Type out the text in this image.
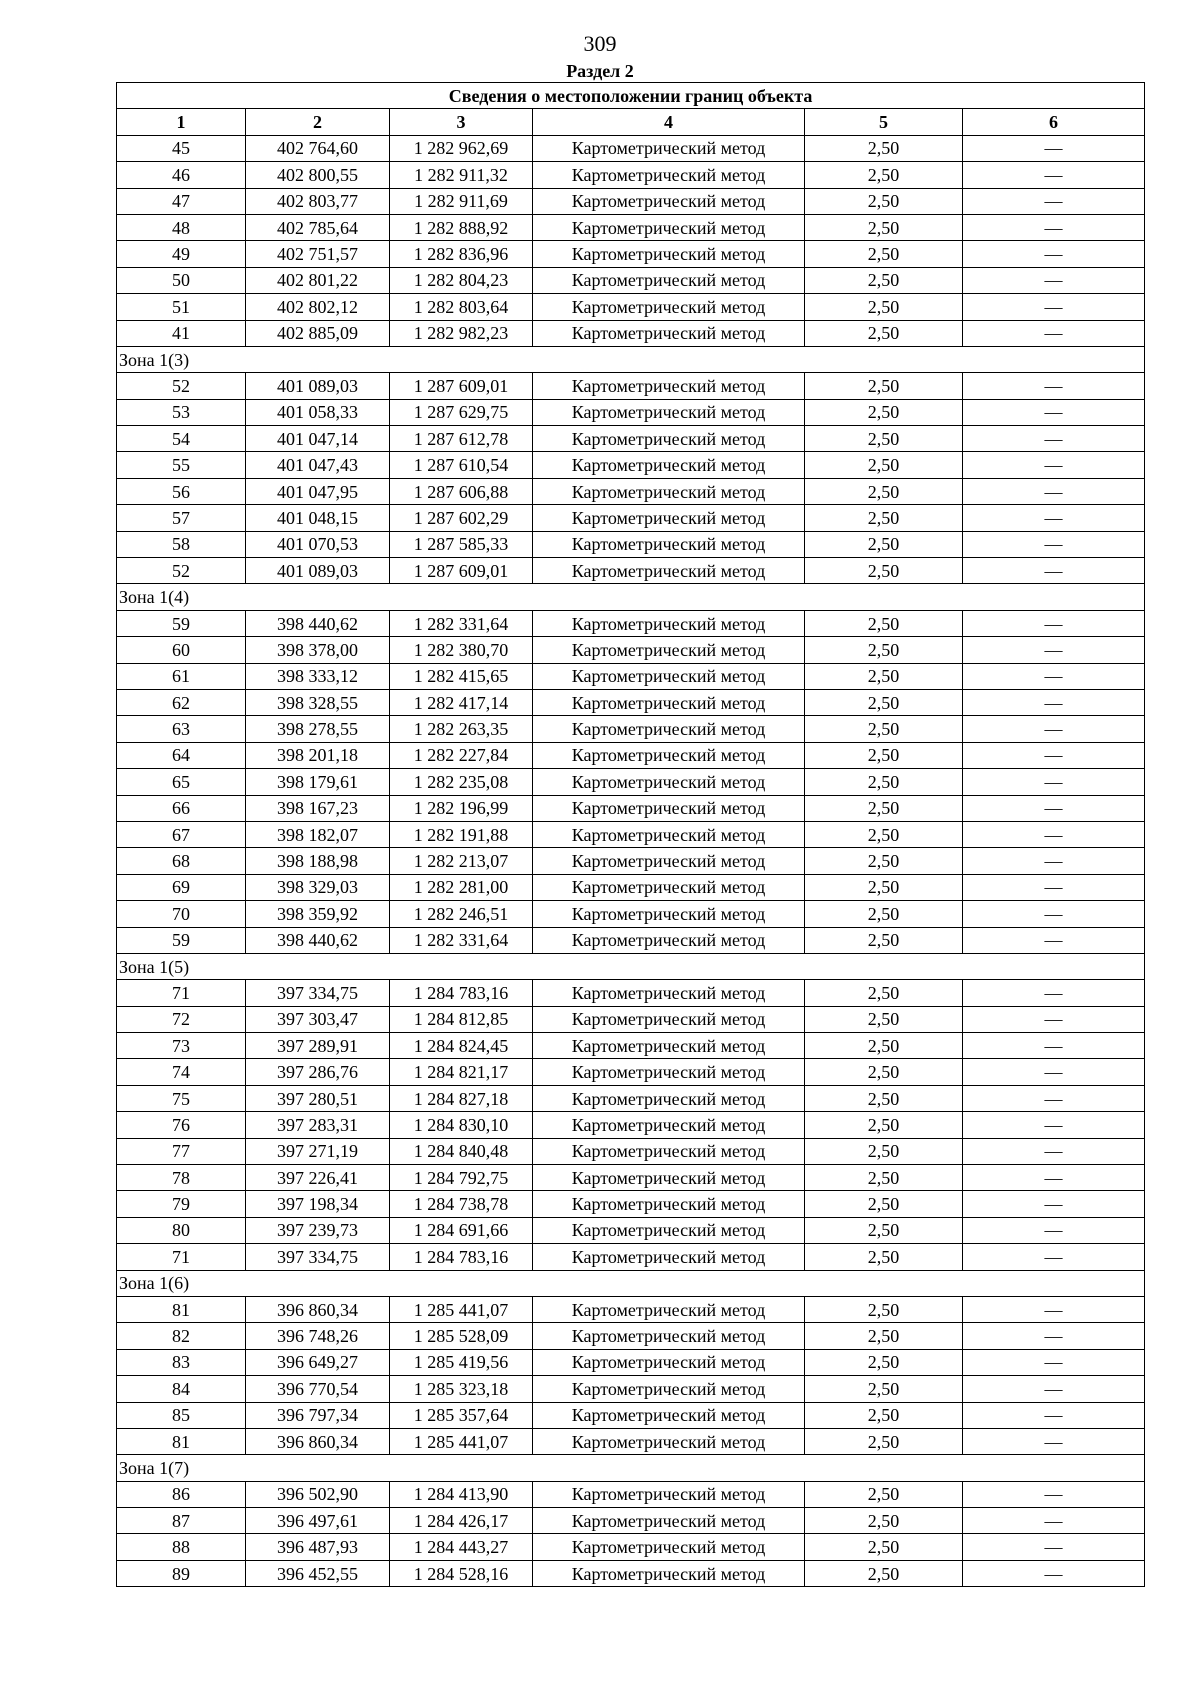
309
Раздел 2
Сведения о местоположении границ объекта					
1	2	3	4	5	6
45	402 764,60	1 282 962,69	Картометрический метод	2,50	—
46	402 800,55	1 282 911,32	Картометрический метод	2,50	—
47	402 803,77	1 282 911,69	Картометрический метод	2,50	—
48	402 785,64	1 282 888,92	Картометрический метод	2,50	—
49	402 751,57	1 282 836,96	Картометрический метод	2,50	—
50	402 801,22	1 282 804,23	Картометрический метод	2,50	—
51	402 802,12	1 282 803,64	Картометрический метод	2,50	—
41	402 885,09	1 282 982,23	Картометрический метод	2,50	—
Зона 1(3)					
52	401 089,03	1 287 609,01	Картометрический метод	2,50	—
53	401 058,33	1 287 629,75	Картометрический метод	2,50	—
54	401 047,14	1 287 612,78	Картометрический метод	2,50	—
55	401 047,43	1 287 610,54	Картометрический метод	2,50	—
56	401 047,95	1 287 606,88	Картометрический метод	2,50	—
57	401 048,15	1 287 602,29	Картометрический метод	2,50	—
58	401 070,53	1 287 585,33	Картометрический метод	2,50	—
52	401 089,03	1 287 609,01	Картометрический метод	2,50	—
Зона 1(4)					
59	398 440,62	1 282 331,64	Картометрический метод	2,50	—
60	398 378,00	1 282 380,70	Картометрический метод	2,50	—
61	398 333,12	1 282 415,65	Картометрический метод	2,50	—
62	398 328,55	1 282 417,14	Картометрический метод	2,50	—
63	398 278,55	1 282 263,35	Картометрический метод	2,50	—
64	398 201,18	1 282 227,84	Картометрический метод	2,50	—
65	398 179,61	1 282 235,08	Картометрический метод	2,50	—
66	398 167,23	1 282 196,99	Картометрический метод	2,50	—
67	398 182,07	1 282 191,88	Картометрический метод	2,50	—
68	398 188,98	1 282 213,07	Картометрический метод	2,50	—
69	398 329,03	1 282 281,00	Картометрический метод	2,50	—
70	398 359,92	1 282 246,51	Картометрический метод	2,50	—
59	398 440,62	1 282 331,64	Картометрический метод	2,50	—
Зона 1(5)					
71	397 334,75	1 284 783,16	Картометрический метод	2,50	—
72	397 303,47	1 284 812,85	Картометрический метод	2,50	—
73	397 289,91	1 284 824,45	Картометрический метод	2,50	—
74	397 286,76	1 284 821,17	Картометрический метод	2,50	—
75	397 280,51	1 284 827,18	Картометрический метод	2,50	—
76	397 283,31	1 284 830,10	Картометрический метод	2,50	—
77	397 271,19	1 284 840,48	Картометрический метод	2,50	—
78	397 226,41	1 284 792,75	Картометрический метод	2,50	—
79	397 198,34	1 284 738,78	Картометрический метод	2,50	—
80	397 239,73	1 284 691,66	Картометрический метод	2,50	—
71	397 334,75	1 284 783,16	Картометрический метод	2,50	—
Зона 1(6)					
81	396 860,34	1 285 441,07	Картометрический метод	2,50	—
82	396 748,26	1 285 528,09	Картометрический метод	2,50	—
83	396 649,27	1 285 419,56	Картометрический метод	2,50	—
84	396 770,54	1 285 323,18	Картометрический метод	2,50	—
85	396 797,34	1 285 357,64	Картометрический метод	2,50	—
81	396 860,34	1 285 441,07	Картометрический метод	2,50	—
Зона 1(7)					
86	396 502,90	1 284 413,90	Картометрический метод	2,50	—
87	396 497,61	1 284 426,17	Картометрический метод	2,50	—
88	396 487,93	1 284 443,27	Картометрический метод	2,50	—
89	396 452,55	1 284 528,16	Картометрический метод	2,50	—
